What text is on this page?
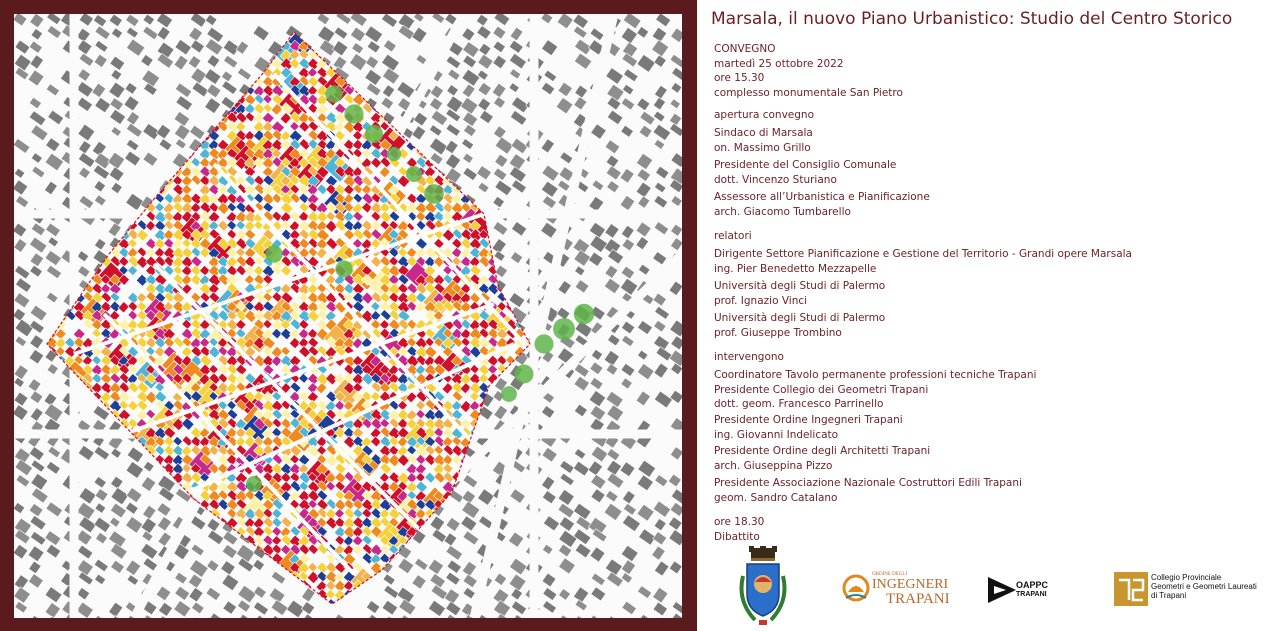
Marsala, il nuovo Piano Urbanistico: Studio del Centro Storico
CONVEGNO
martedì 25 ottobre 2022
ore 15.30
complesso monumentale San Pietro
apertura convegno
Sindaco di Marsala
on. Massimo Grillo
Presidente del Consiglio Comunale
dott. Vincenzo Sturiano
Assessore all’Urbanistica e Pianificazione
arch. Giacomo Tumbarello
relatori
Dirigente Settore Pianificazione e Gestione del Territorio - Grandi opere Marsala
ing. Pier Benedetto Mezzapelle
Università degli Studi di Palermo
prof. Ignazio Vinci
Università degli Studi di Palermo
prof. Giuseppe Trombino
intervengono
Coordinatore Tavolo permanente professioni tecniche Trapani
Presidente Collegio dei Geometri Trapani
dott. geom. Francesco Parrinello
Presidente Ordine Ingegneri Trapani
ing. Giovanni Indelicato
Presidente Ordine degli Architetti Trapani
arch. Giuseppina Pizzo
Presidente Associazione Nazionale Costruttori Edili Trapani
geom. Sandro Catalano
ore 18.30
Dibattito
ORDINE DEGLI
INGEGNERI
TRAPANI
OAPPC
TRAPANI
Collegio Provinciale
Geometri e Geometri Laureati
di Trapani
